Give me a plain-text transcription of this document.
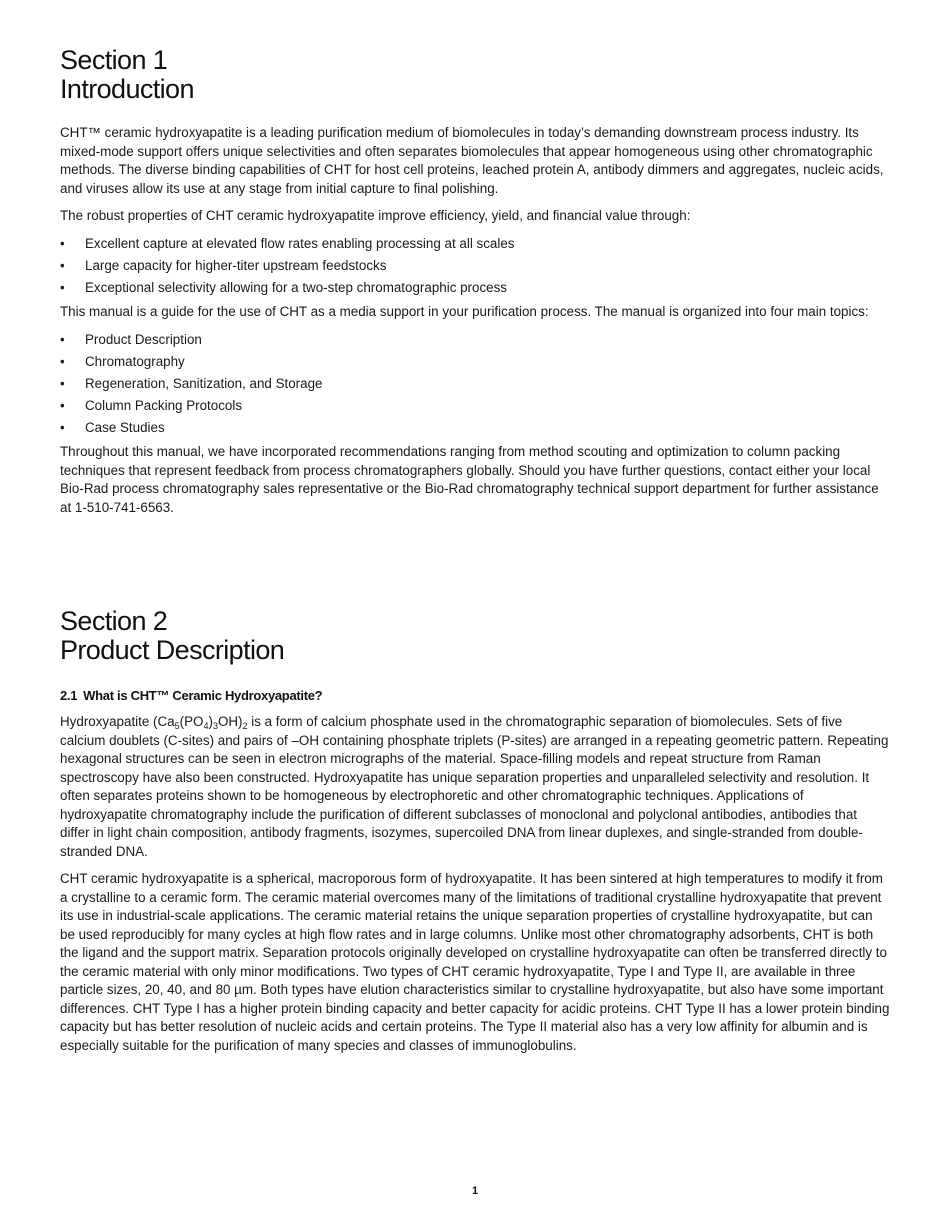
Section 1
Introduction

CHT™ ceramic hydroxyapatite is a leading purification medium of biomolecules in today’s demanding downstream process industry. Its mixed-mode support offers unique selectivities and often separates biomolecules that appear homogeneous using other chromatographic methods. The diverse binding capabilities of CHT for host cell proteins, leached protein A, antibody dimmers and aggregates, nucleic acids, and viruses allow its use at any stage from initial capture to final polishing.

The robust properties of CHT ceramic hydroxyapatite improve efficiency, yield, and financial value through:

• Excellent capture at elevated flow rates enabling processing at all scales
• Large capacity for higher-titer upstream feedstocks
• Exceptional selectivity allowing for a two-step chromatographic process

This manual is a guide for the use of CHT as a media support in your purification process. The manual is organized into four main topics:

• Product Description
• Chromatography
• Regeneration, Sanitization, and Storage
• Column Packing Protocols
• Case Studies

Throughout this manual, we have incorporated recommendations ranging from method scouting and optimization to column packing techniques that represent feedback from process chromatographers globally. Should you have further questions, contact either your local Bio-Rad process chromatography sales representative or the Bio-Rad chromatography technical support department for further assistance at 1-510-741-6563.

Section 2
Product Description
2.1 What is CHT™ Ceramic Hydroxyapatite?

Hydroxyapatite $(Ca_5(PO_4)_3OH)_2$ is a form of calcium phosphate used in the chromatographic separation of biomolecules. Sets of five calcium doublets (C-sites) and pairs of –OH containing phosphate triplets (P-sites) are arranged in a repeating geometric pattern. Repeating hexagonal structures can be seen in electron micrographs of the material. Space-filling models and repeat structure from Raman spectroscopy have also been constructed. Hydroxyapatite has unique separation properties and unparalleled selectivity and resolution. It often separates proteins shown to be homogeneous by electrophoretic and other chromatographic techniques. Applications of hydroxyapatite chromatography include the purification of different subclasses of monoclonal and polyclonal antibodies, antibodies that differ in light chain composition, antibody fragments, isozymes, supercoiled DNA from linear duplexes, and single-stranded from double-stranded DNA.

CHT ceramic hydroxyapatite is a spherical, macroporous form of hydroxyapatite. It has been sintered at high temperatures to modify it from a crystalline to a ceramic form. The ceramic material overcomes many of the limitations of traditional crystalline hydroxyapatite that prevent its use in industrial-scale applications. The ceramic material retains the unique separation properties of crystalline hydroxyapatite, but can be used reproducibly for many cycles at high flow rates and in large columns. Unlike most other chromatography adsorbents, CHT is both the ligand and the support matrix. Separation protocols originally developed on crystalline hydroxyapatite can often be transferred directly to the ceramic material with only minor modifications. Two types of CHT ceramic hydroxyapatite, Type I and Type II, are available in three particle sizes, 20, 40, and 80 µm. Both types have elution characteristics similar to crystalline hydroxyapatite, but also have some important differences. CHT Type I has a higher protein binding capacity and better capacity for acidic proteins. CHT Type II has a lower protein binding capacity but has better resolution of nucleic acids and certain proteins. The Type II material also has a very low affinity for albumin and is especially suitable for the purification of many species and classes of immunoglobulins.

1
